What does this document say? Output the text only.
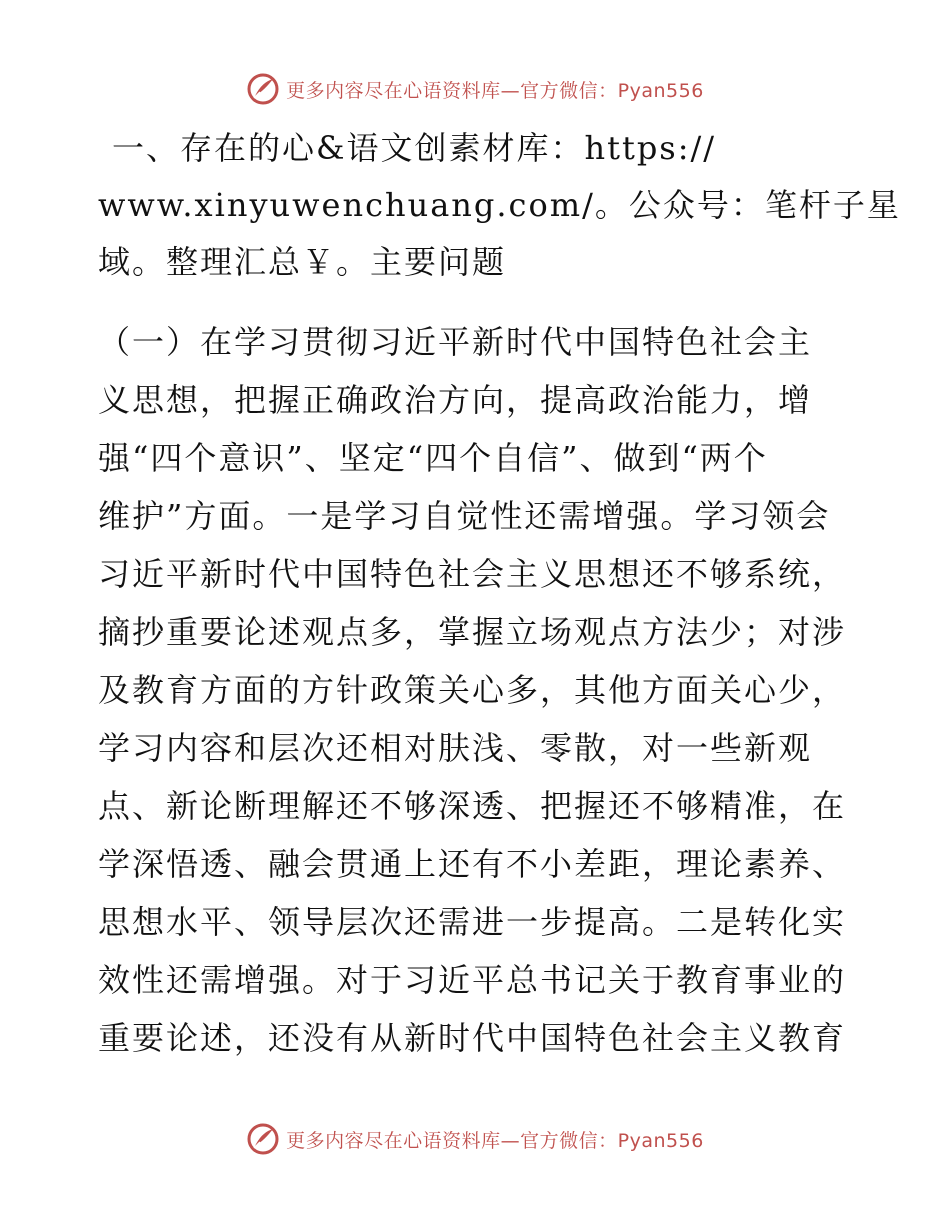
更多内容尽在心语资料库—官方微信：Pyan556
一、存在的心&语文创素材库：https://
www.xinyuwenchuang.com/。公众号：笔杆子星
域。整理汇总￥。主要问题
（一）在学习贯彻习近平新时代中国特色社会主
义思想，把握正确政治方向，提高政治能力，增
强“四个意识”、坚定“四个自信”、做到“两个
维护”方面。一是学习自觉性还需增强。学习领会
习近平新时代中国特色社会主义思想还不够系统，
摘抄重要论述观点多，掌握立场观点方法少；对涉
及教育方面的方针政策关心多，其他方面关心少，
学习内容和层次还相对肤浅、零散，对一些新观
点、新论断理解还不够深透、把握还不够精准，在
学深悟透、融会贯通上还有不小差距，理论素养、
思想水平、领导层次还需进一步提高。二是转化实
效性还需增强。对于习近平总书记关于教育事业的
重要论述，还没有从新时代中国特色社会主义教育
更多内容尽在心语资料库—官方微信：Pyan556
